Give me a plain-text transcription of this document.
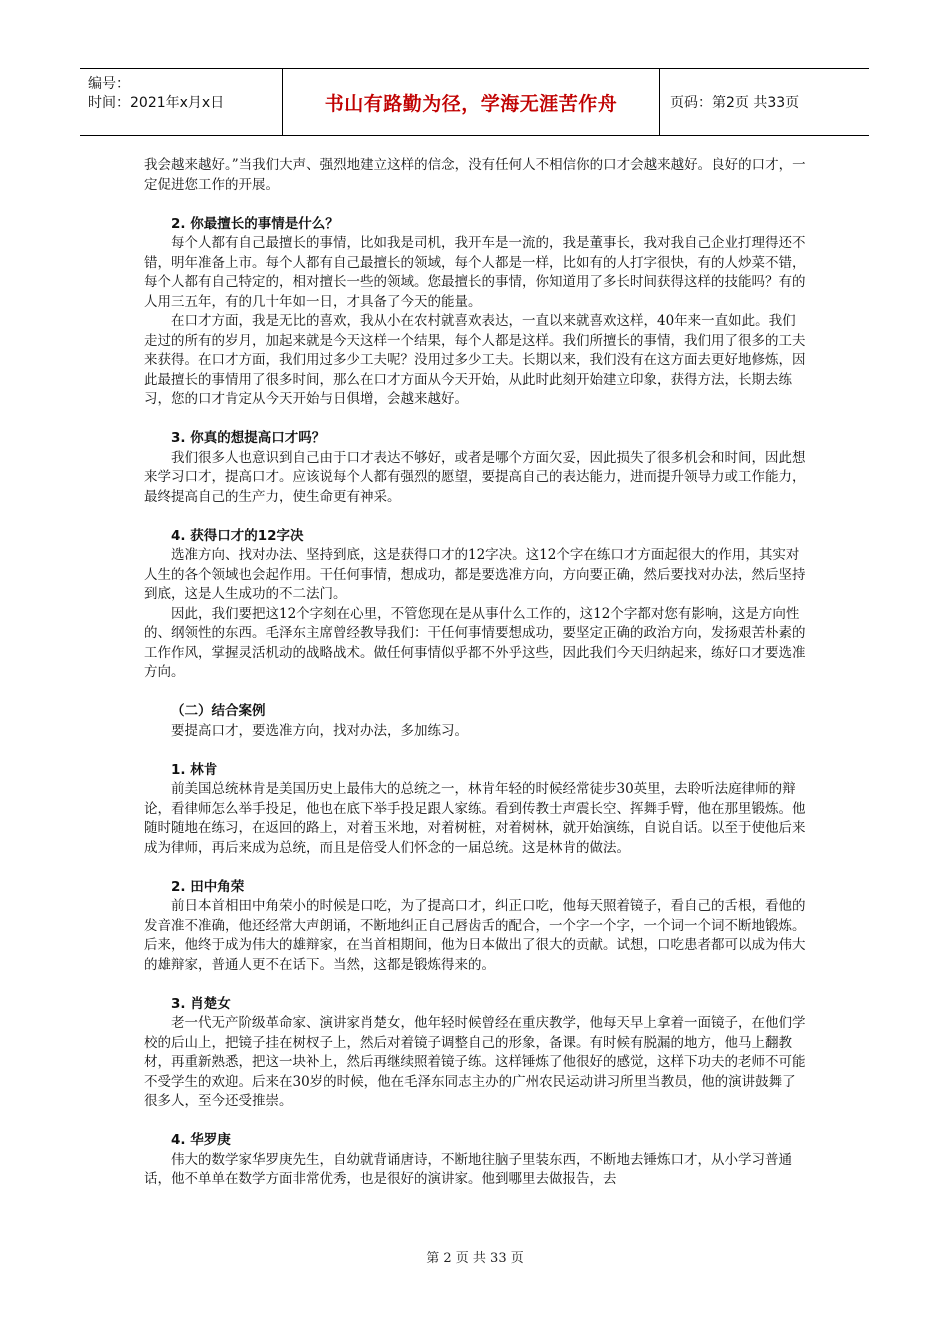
编号：
时间：2021年x月x日	书山有路勤为径，学海无涯苦作舟	页码：第2页 共33页

我会越来越好。”当我们大声、强烈地建立这样的信念，没有任何人不相信你的口才会越来越好。良好的口才，一定促进您工作的开展。

2. 你最擅长的事情是什么？

每个人都有自己最擅长的事情，比如我是司机，我开车是一流的，我是董事长，我对我自己企业打理得还不错，明年准备上市。每个人都有自己最擅长的领域，每个人都是一样，比如有的人打字很快，有的人炒菜不错，每个人都有自己特定的，相对擅长一些的领域。您最擅长的事情，你知道用了多长时间获得这样的技能吗？有的人用三五年，有的几十年如一日，才具备了今天的能量。

在口才方面，我是无比的喜欢，我从小在农村就喜欢表达，一直以来就喜欢这样，40年来一直如此。我们走过的所有的岁月，加起来就是今天这样一个结果，每个人都是这样。我们所擅长的事情，我们用了很多的工夫来获得。在口才方面，我们用过多少工夫呢？没用过多少工夫。长期以来，我们没有在这方面去更好地修炼，因此最擅长的事情用了很多时间，那么在口才方面从今天开始，从此时此刻开始建立印象，获得方法，长期去练习，您的口才肯定从今天开始与日俱增，会越来越好。

3. 你真的想提高口才吗？

我们很多人也意识到自己由于口才表达不够好，或者是哪个方面欠妥，因此损失了很多机会和时间，因此想来学习口才，提高口才。应该说每个人都有强烈的愿望，要提高自己的表达能力，进而提升领导力或工作能力，最终提高自己的生产力，使生命更有神采。

4. 获得口才的12字决

选准方向、找对办法、坚持到底，这是获得口才的12字决。这12个字在练口才方面起很大的作用，其实对人生的各个领域也会起作用。干任何事情，想成功，都是要选准方向，方向要正确，然后要找对办法，然后坚持到底，这是人生成功的不二法门。

因此，我们要把这12个字刻在心里，不管您现在是从事什么工作的，这12个字都对您有影响，这是方向性的、纲领性的东西。毛泽东主席曾经教导我们：干任何事情要想成功，要坚定正确的政治方向，发扬艰苦朴素的工作作风，掌握灵活机动的战略战术。做任何事情似乎都不外乎这些，因此我们今天归纳起来，练好口才要选准方向。

（二）结合案例

要提高口才，要选准方向，找对办法，多加练习。

1. 林肯

前美国总统林肯是美国历史上最伟大的总统之一，林肯年轻的时候经常徒步30英里，去聆听法庭律师的辩论，看律师怎么举手投足，他也在底下举手投足跟人家练。看到传教士声震长空、挥舞手臂，他在那里锻炼。他随时随地在练习，在返回的路上，对着玉米地，对着树桩，对着树林，就开始演练，自说自话。以至于使他后来成为律师，再后来成为总统，而且是倍受人们怀念的一届总统。这是林肯的做法。

2. 田中角荣

前日本首相田中角荣小的时候是口吃，为了提高口才，纠正口吃，他每天照着镜子，看自己的舌根，看他的发音准不准确，他还经常大声朗诵，不断地纠正自己唇齿舌的配合，一个字一个字，一个词一个词不断地锻炼。后来，他终于成为伟大的雄辩家，在当首相期间，他为日本做出了很大的贡献。试想，口吃患者都可以成为伟大的雄辩家，普通人更不在话下。当然，这都是锻炼得来的。

3. 肖楚女

老一代无产阶级革命家、演讲家肖楚女，他年轻时候曾经在重庆教学，他每天早上拿着一面镜子，在他们学校的后山上，把镜子挂在树杈子上，然后对着镜子调整自己的形象，备课。有时候有脱漏的地方，他马上翻教材，再重新熟悉，把这一块补上，然后再继续照着镜子练。这样锤炼了他很好的感觉，这样下功夫的老师不可能不受学生的欢迎。后来在30岁的时候，他在毛泽东同志主办的广州农民运动讲习所里当教员，他的演讲鼓舞了很多人，至今还受推崇。

4. 华罗庚

伟大的数学家华罗庚先生，自幼就背诵唐诗，不断地往脑子里装东西，不断地去锤炼口才，从小学习普通话，他不单单在数学方面非常优秀，也是很好的演讲家。他到哪里去做报告，去

第 2 页 共 33 页
